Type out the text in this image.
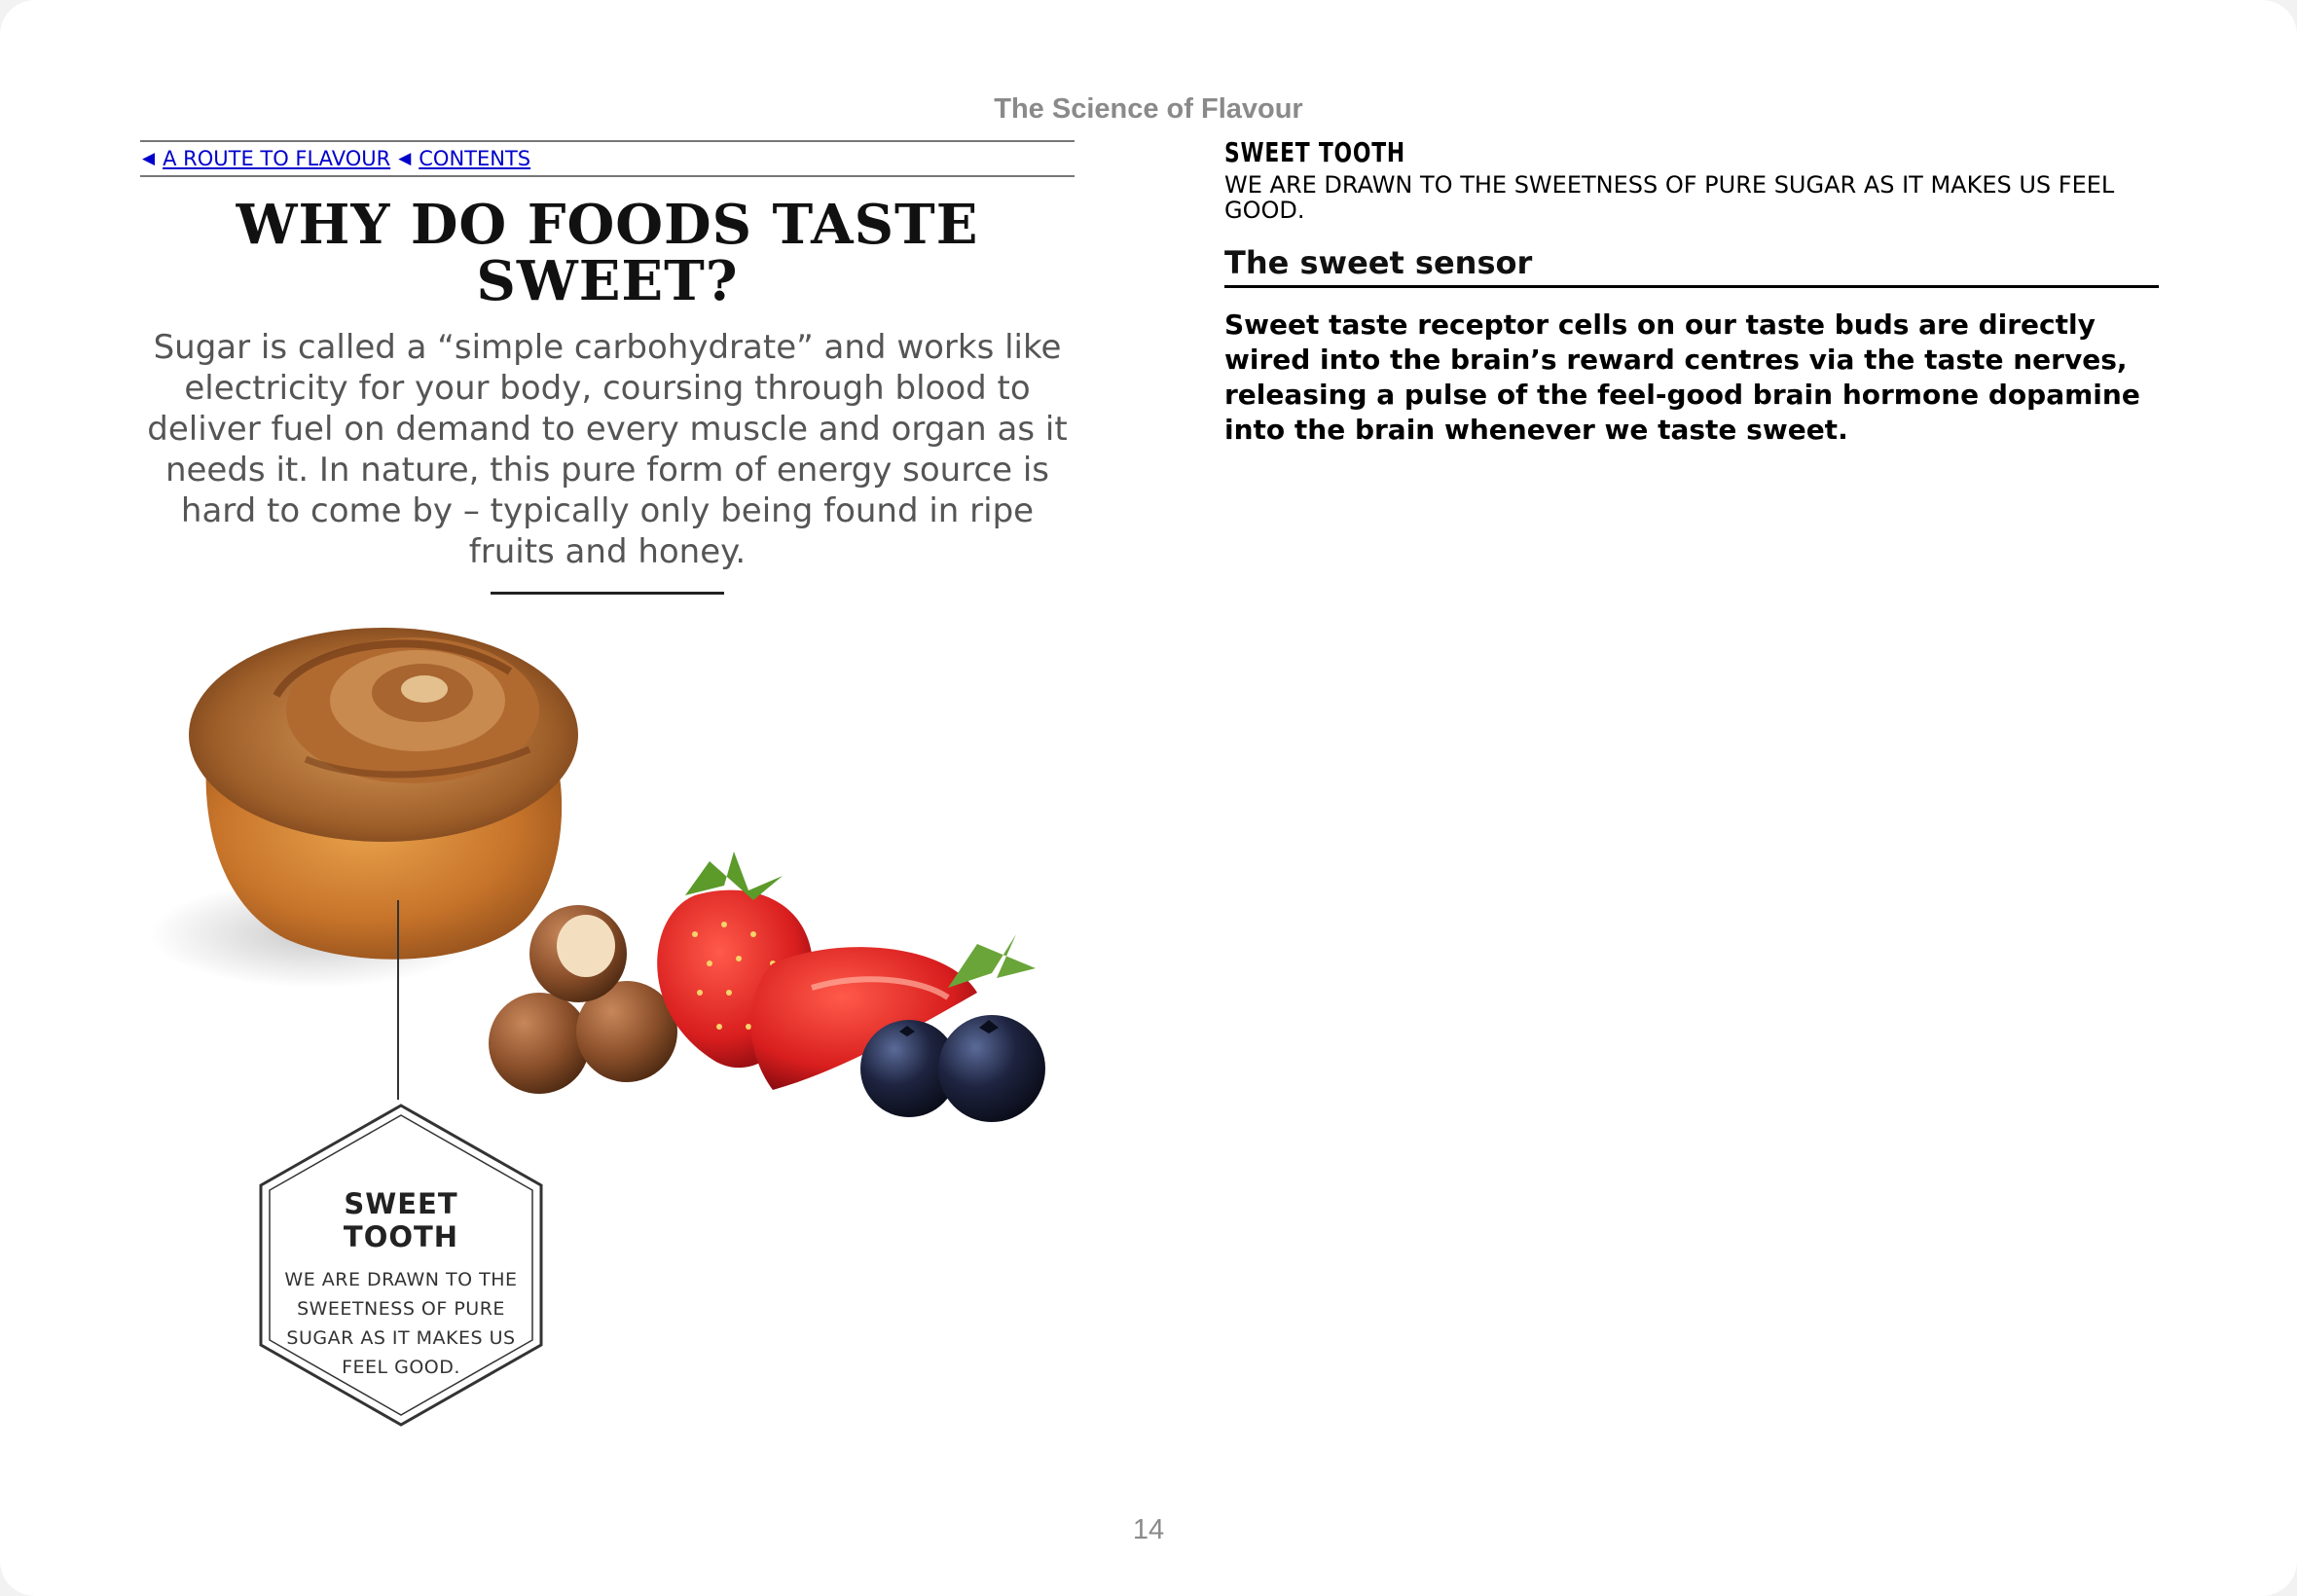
The Science of Flavour
◀ A ROUTE TO FLAVOUR ◀ CONTENTS
WHY DO FOODS TASTE SWEET?

Sugar is called a “simple carbohydrate” and works like electricity for your body, coursing through blood to deliver fuel on demand to every muscle and organ as it needs it. In nature, this pure form of energy source is hard to come by – typically only being found in ripe fruits and honey.

SWEET TOOTH
WE ARE DRAWN TO THE SWEETNESS OF PURE SUGAR AS IT MAKES US FEEL GOOD.
SWEET TOOTH
WE ARE DRAWN TO THE SWEETNESS OF PURE SUGAR AS IT MAKES US FEEL GOOD.
The sweet sensor

Sweet taste receptor cells on our taste buds are directly wired into the brain’s reward centres via the taste nerves, releasing a pulse of the feel-good brain hormone dopamine into the brain whenever we taste sweet.

14
